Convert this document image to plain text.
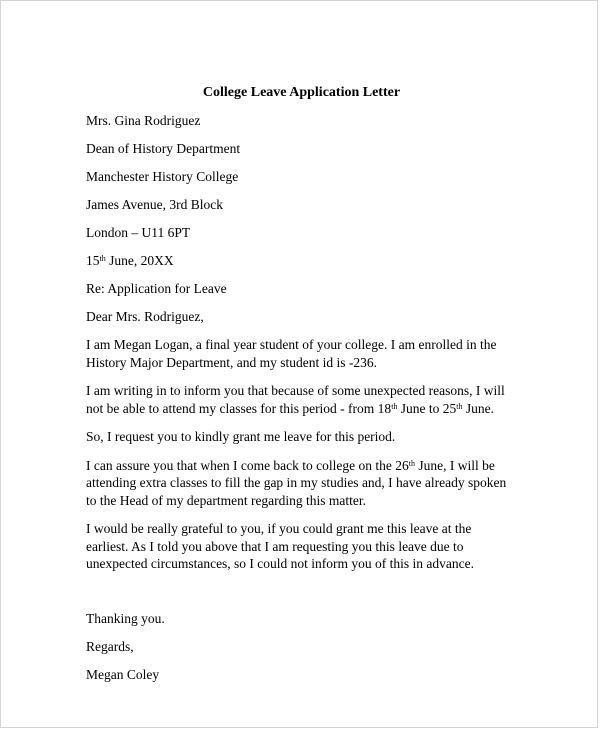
College Leave Application Letter

Mrs. Gina Rodriguez

Dean of History Department

Manchester History College

James Avenue, 3rd Block

London – U11 6PT

15th June, 20XX

Re: Application for Leave

Dear Mrs. Rodriguez,

I am Megan Logan, a final year student of your college. I am enrolled in the History Major Department, and my student id is -236.

I am writing in to inform you that because of some unexpected reasons, I will not be able to attend my classes for this period - from 18th June to 25th June.

So, I request you to kindly grant me leave for this period.

I can assure you that when I come back to college on the 26th June, I will be attending extra classes to fill the gap in my studies and, I have already spoken to the Head of my department regarding this matter.

I would be really grateful to you, if you could grant me this leave at the earliest. As I told you above that I am requesting you this leave due to unexpected circumstances, so I could not inform you of this in advance.

Thanking you.

Regards,

Megan Coley
